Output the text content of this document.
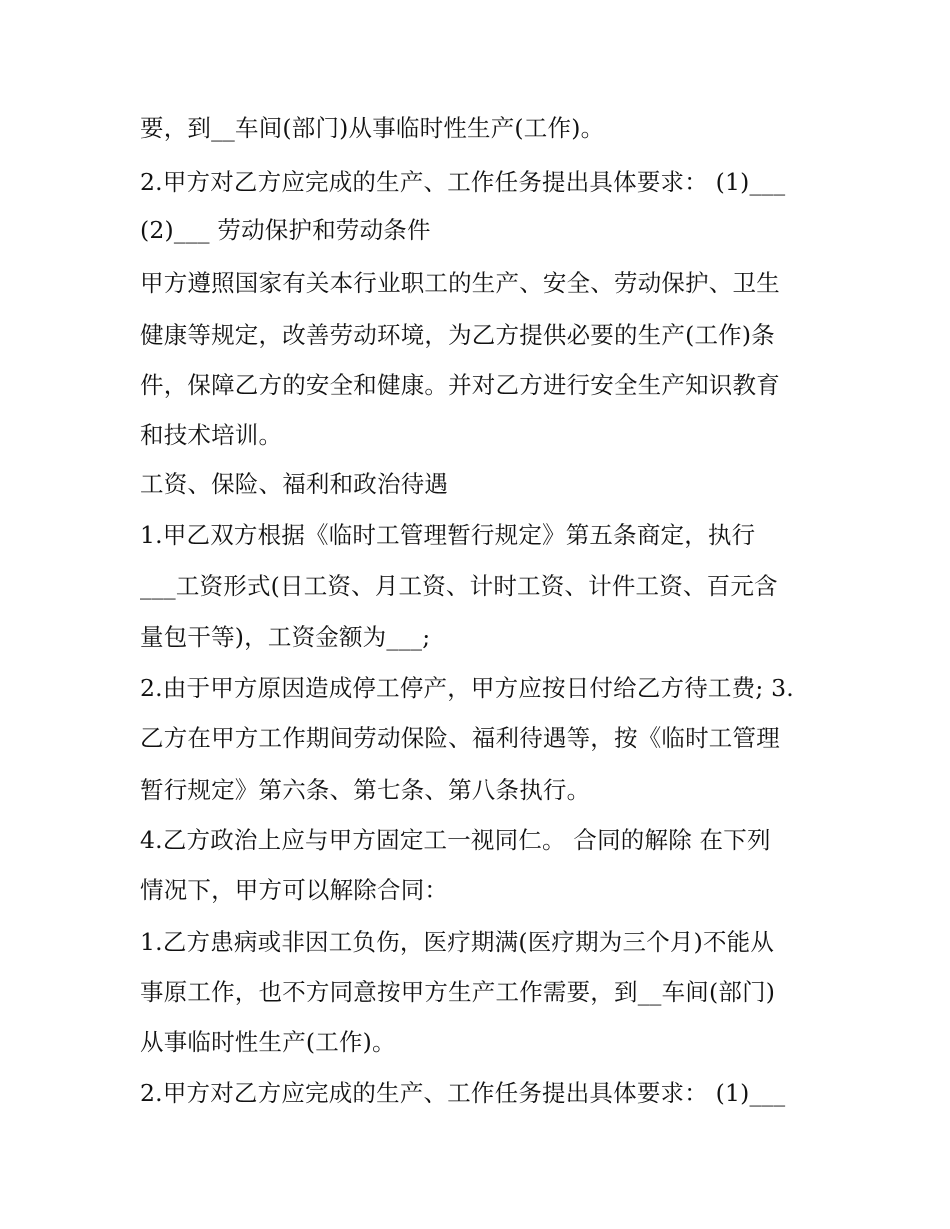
要，到__车间(部门)从事临时性生产(工作)。
2.甲方对乙方应完成的生产、工作任务提出具体要求： (1)___
(2)___ 劳动保护和劳动条件
甲方遵照国家有关本行业职工的生产、安全、劳动保护、卫生
健康等规定，改善劳动环境，为乙方提供必要的生产(工作)条
件，保障乙方的安全和健康。并对乙方进行安全生产知识教育
和技术培训。
工资、保险、福利和政治待遇
1.甲乙双方根据《临时工管理暂行规定》第五条商定，执行
___工资形式(日工资、月工资、计时工资、计件工资、百元含
量包干等)，工资金额为___;
2.由于甲方原因造成停工停产，甲方应按日付给乙方待工费; 3.
乙方在甲方工作期间劳动保险、福利待遇等，按《临时工管理
暂行规定》第六条、第七条、第八条执行。
4.乙方政治上应与甲方固定工一视同仁。 合同的解除 在下列
情况下，甲方可以解除合同：
1.乙方患病或非因工负伤，医疗期满(医疗期为三个月)不能从
事原工作，也不方同意按甲方生产工作需要，到__车间(部门)
从事临时性生产(工作)。
2.甲方对乙方应完成的生产、工作任务提出具体要求： (1)___
